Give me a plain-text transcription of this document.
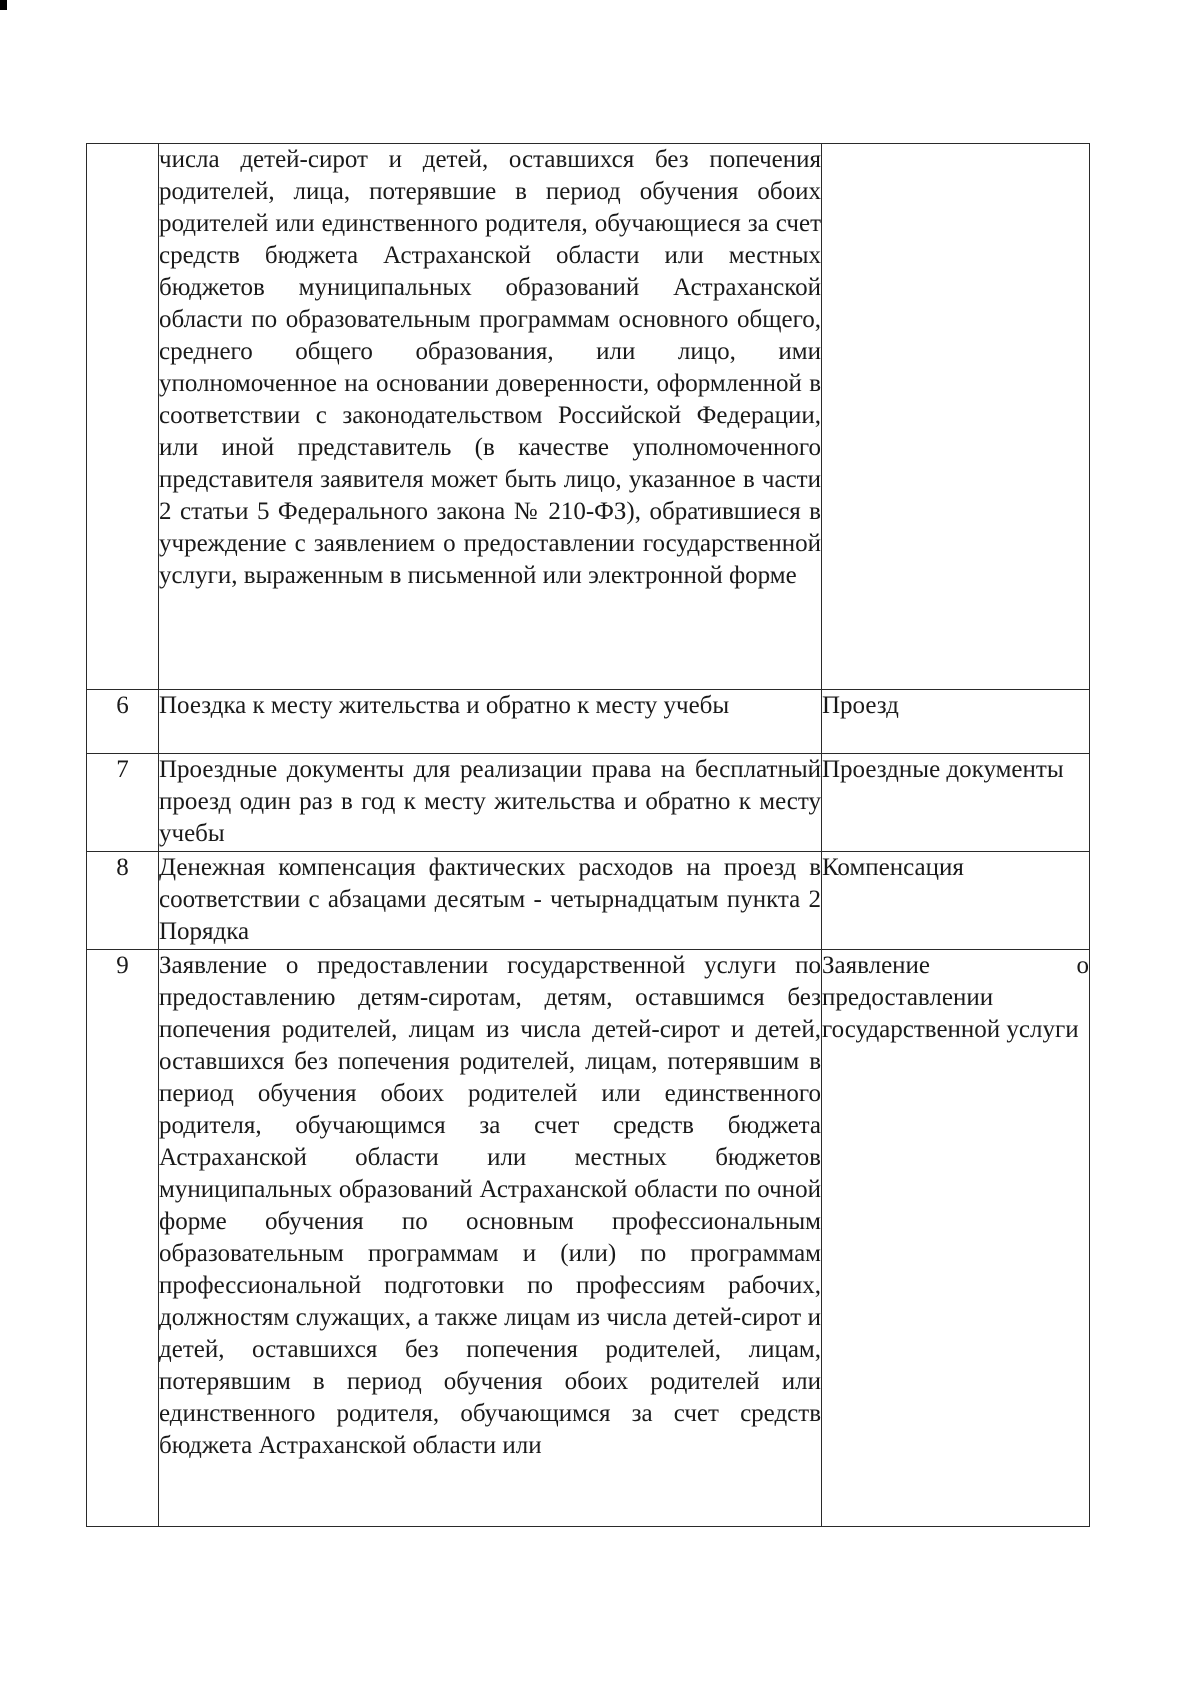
	числа детей-сирот и детей, оставшихся без попечения родителей, лица, потерявшие в период обучения обоих родителей или единственного родителя, обучающиеся за счет средств бюджета Астраханской области или местных бюджетов муниципальных образований Астраханской области по образовательным программам основного общего, среднего общего образования, или лицо, ими уполномоченное на основании доверенности, оформленной в соответствии с законодательством Российской Федерации, или иной представитель (в качестве уполномоченного представителя заявителя может быть лицо, указанное в части 2 статьи 5 Федерального закона № 210-ФЗ), обратившиеся в учреждение с заявлением о предоставлении государственной услуги, выраженным в письменной или электронной форме	
6	Поездка к месту жительства и обратно к месту учебы	Проезд
7	Проездные документы для реализации права на бесплатный проезд один раз в год к месту жительства и обратно к месту учебы	Проездные документы
8	Денежная компенсация фактических расходов на проезд в соответствии с абзацами десятым - четырнадцатым пункта 2 Порядка	Компенсация
9	Заявление о предоставлении государственной услуги по предоставлению детям-сиротам, детям, оставшимся без попечения родителей, лицам из числа детей-сирот и детей, оставшихся без попечения родителей, лицам, потерявшим в период обучения обоих родителей или единственного родителя, обучающимся за счет средств бюджета Астраханской области или местных бюджетов муниципальных образований Астраханской области по очной форме обучения по основным профессиональным образовательным программам и (или) по программам профессиональной подготовки по профессиям рабочих, должностям служащих, а также лицам из числа детей-сирот и детей, оставшихся без попечения родителей, лицам, потерявшим в период обучения обоих родителей или единственного родителя, обучающимся за счет средств бюджета Астраханской области или	Заявление о предоставлении государственной услуги
